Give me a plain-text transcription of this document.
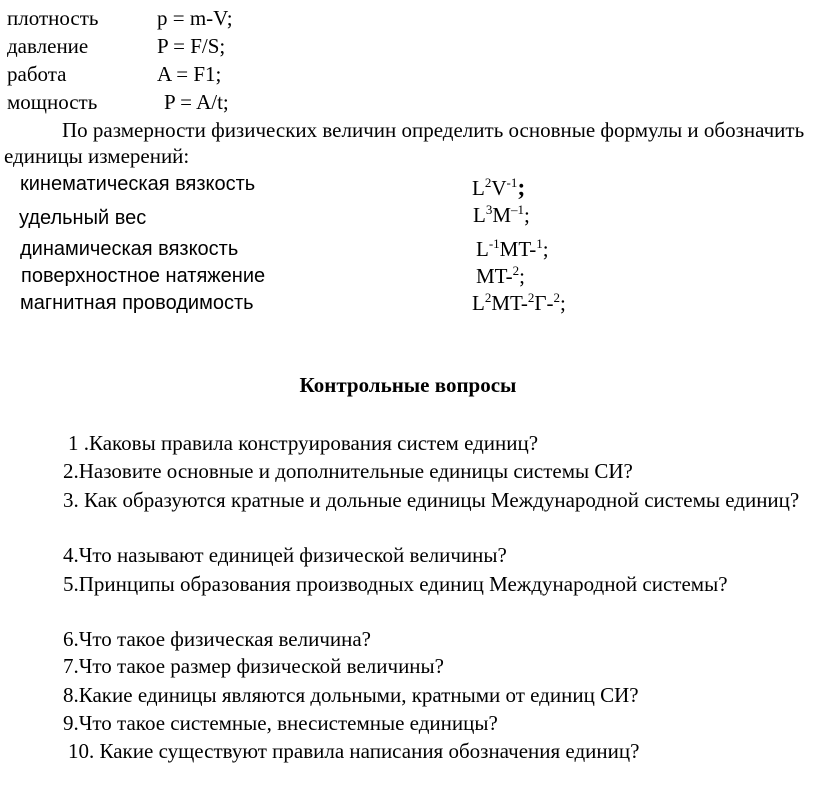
плотность	p = m-V;
давление	P = F/S;
работа	A = F1;
мощность	P = A/t;
По размерности физических величин определить основные формулы и обозначить единицы измерений:
кинематическая вязкость	$L^2V^{-1}$;
удельный вес	$L^3M^{-1}$;
динамическая вязкость	$L^{-1}MT-^1$;
поверхностное натяжение	MT-$^2$;
магнитная проводимость	$L^2MT-^2Г-^2$;
Контрольные вопросы
1 .Каковы правила конструирования систем единиц?
2.Назовите основные и дополнительные единицы системы СИ?
3. Как образуются кратные и дольные единицы Международной системы единиц?
4.Что называют единицей физической величины?
5.Принципы образования производных единиц Международной системы?
6.Что такое физическая величина?
7.Что такое размер физической величины?
8.Какие единицы являются дольными, кратными от единиц СИ?
9.Что такое системные, внесистемные единицы?
10. Какие существуют правила написания обозначения единиц?
